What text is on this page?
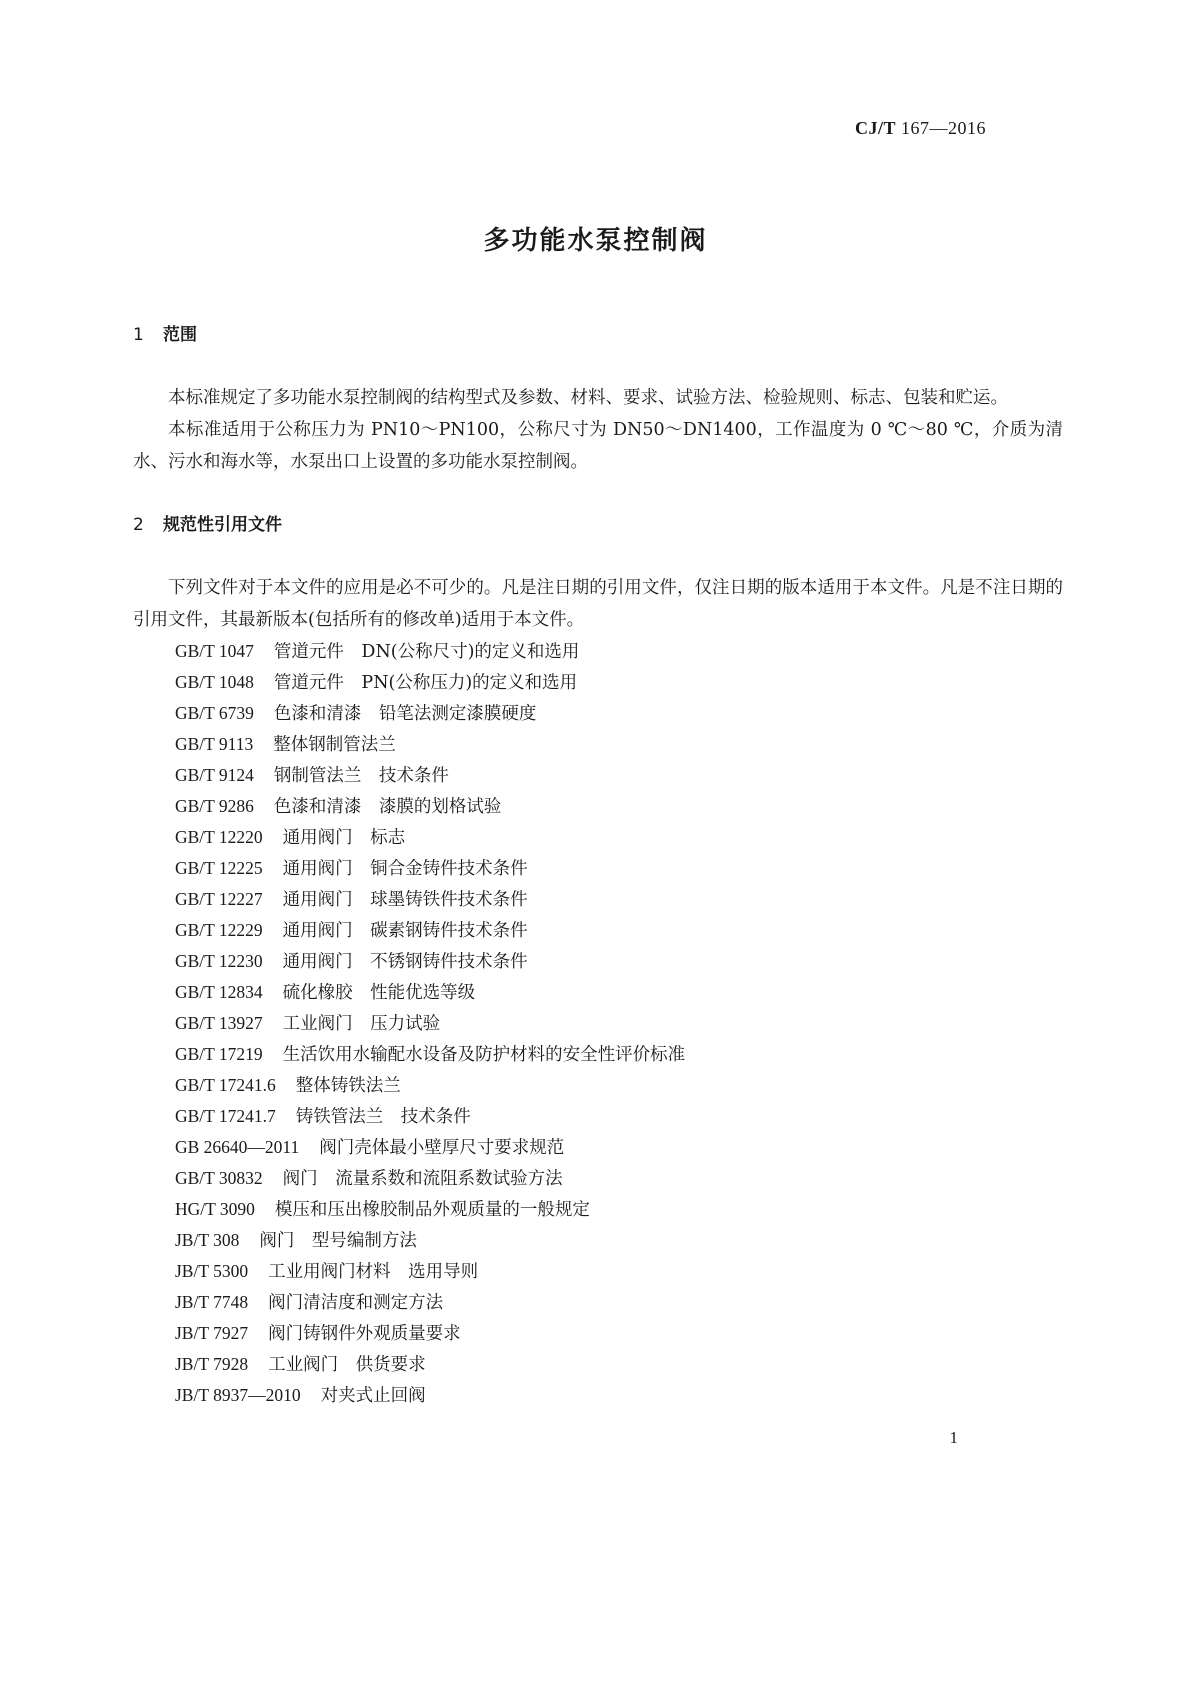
CJ/T 167—2016
多功能水泵控制阀
1 范围

本标准规定了多功能水泵控制阀的结构型式及参数、材料、要求、试验方法、检验规则、标志、包装和贮运。

本标准适用于公称压力为 PN10～PN100，公称尺寸为 DN50～DN1400，工作温度为 0 ℃～80 ℃，介质为清水、污水和海水等，水泵出口上设置的多功能水泵控制阀。

2 规范性引用文件

下列文件对于本文件的应用是必不可少的。凡是注日期的引用文件，仅注日期的版本适用于本文件。凡是不注日期的引用文件，其最新版本(包括所有的修改单)适用于本文件。

GB/T 1047 管道元件　DN(公称尺寸)的定义和选用
GB/T 1048 管道元件　PN(公称压力)的定义和选用
GB/T 6739 色漆和清漆　铅笔法测定漆膜硬度
GB/T 9113 整体钢制管法兰
GB/T 9124 钢制管法兰　技术条件
GB/T 9286 色漆和清漆　漆膜的划格试验
GB/T 12220 通用阀门　标志
GB/T 12225 通用阀门　铜合金铸件技术条件
GB/T 12227 通用阀门　球墨铸铁件技术条件
GB/T 12229 通用阀门　碳素钢铸件技术条件
GB/T 12230 通用阀门　不锈钢铸件技术条件
GB/T 12834 硫化橡胶　性能优选等级
GB/T 13927 工业阀门　压力试验
GB/T 17219 生活饮用水输配水设备及防护材料的安全性评价标准
GB/T 17241.6 整体铸铁法兰
GB/T 17241.7 铸铁管法兰　技术条件
GB 26640—2011 阀门壳体最小壁厚尺寸要求规范
GB/T 30832 阀门　流量系数和流阻系数试验方法
HG/T 3090 模压和压出橡胶制品外观质量的一般规定
JB/T 308 阀门　型号编制方法
JB/T 5300 工业用阀门材料　选用导则
JB/T 7748 阀门清洁度和测定方法
JB/T 7927 阀门铸钢件外观质量要求
JB/T 7928 工业阀门　供货要求
JB/T 8937—2010 对夹式止回阀
1
